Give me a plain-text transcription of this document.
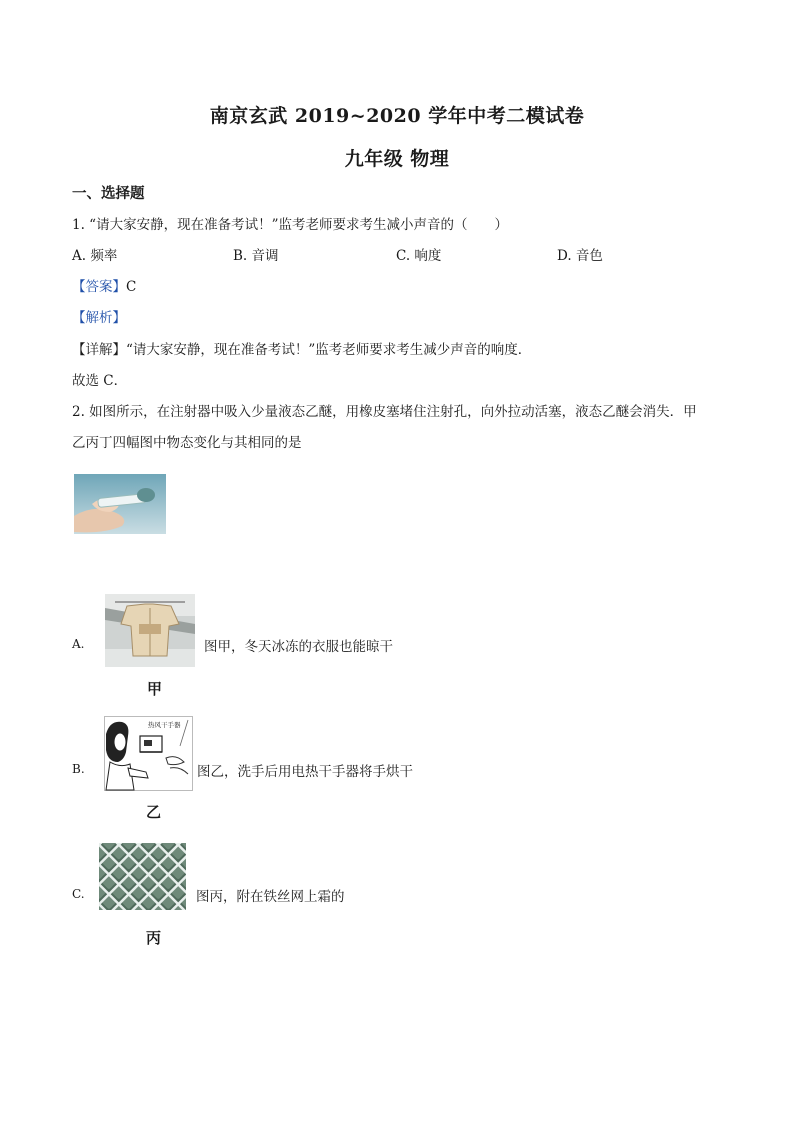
南京玄武 2019~2020 学年中考二模试卷
九年级 物理
一、选择题
1. “请大家安静，现在准备考试！”监考老师要求考生减小声音的（　　）
A. 频率	B. 音调	C. 响度	D. 音色
【答案】C
【解析】
【详解】“请大家安静，现在准备考试！”监考老师要求考生减少声音的响度．
故选 C．
2. 如图所示，在注射器中吸入少量液态乙醚，用橡皮塞堵住注射孔，向外拉动活塞，液态乙醚会消失．甲
乙丙丁四幅图中物态变化与其相同的是
A.	图甲，冬天冰冻的衣服也能晾干
甲
B.
热风干手器
图乙，洗手后用电热干手器将手烘干
乙
C.	图丙，附在铁丝网上霜的
丙
